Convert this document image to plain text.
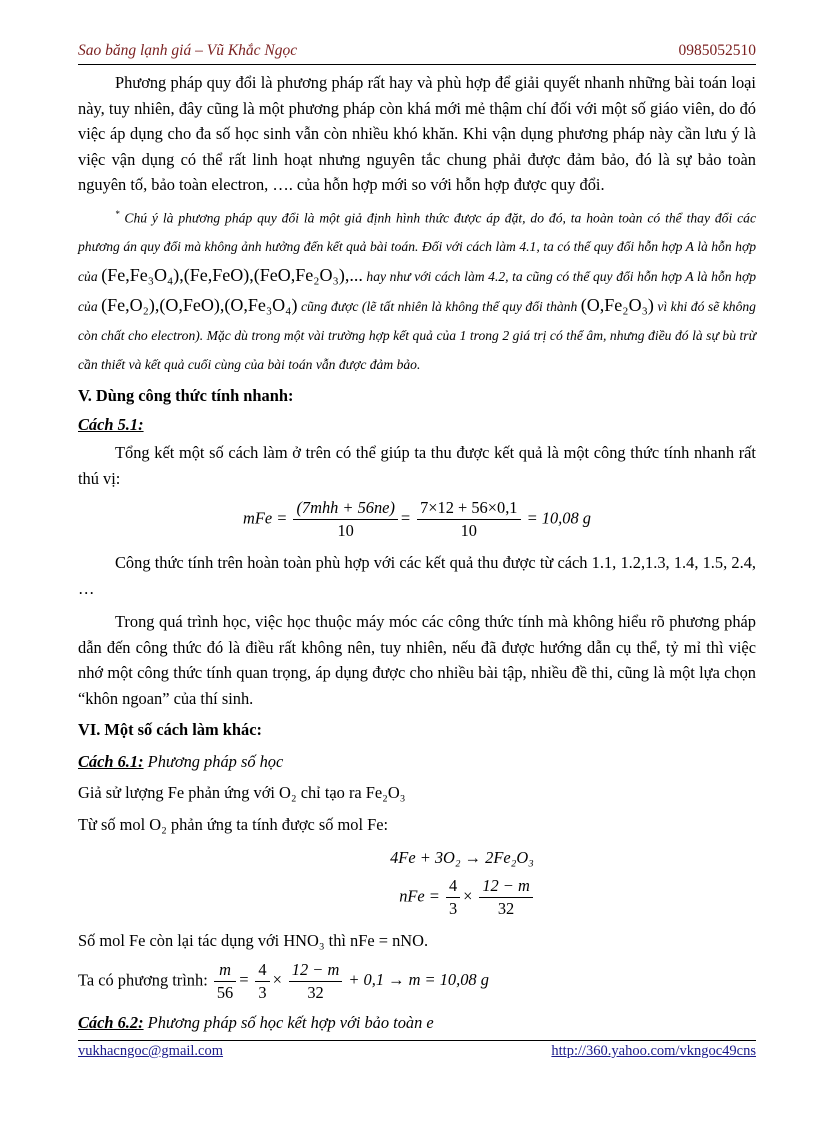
Sao băng lạnh giá – Vũ Khắc Ngọc	0985052510

Phương pháp quy đổi là phương pháp rất hay và phù hợp để giải quyết nhanh những bài toán loại này, tuy nhiên, đây cũng là một phương pháp còn khá mới mẻ thậm chí đối với một số giáo viên, do đó việc áp dụng cho đa số học sinh vẫn còn nhiều khó khăn. Khi vận dụng phương pháp này cần lưu ý là việc vận dụng có thể rất linh hoạt nhưng nguyên tắc chung phải được đảm bảo, đó là sự bảo toàn nguyên tố, bảo toàn electron, …. của hỗn hợp mới so với hỗn hợp được quy đổi.

* Chú ý là phương pháp quy đổi là một giả định hình thức được áp đặt, do đó, ta hoàn toàn có thể thay đổi các phương án quy đổi mà không ảnh hưởng đến kết quả bài toán. Đối với cách làm 4.1, ta có thể quy đổi hỗn hợp A là hỗn hợp của (Fe,Fe₃O₄),(Fe,FeO),(FeO,Fe₂O₃),... hay như với cách làm 4.2, ta cũng có thể quy đổi hỗn hợp A là hỗn hợp của (Fe,O₂),(O,FeO),(O,Fe₃O₄) cũng được (lẽ tất nhiên là không thể quy đổi thành (O,Fe₂O₃) vì khi đó sẽ không còn chất cho electron). Mặc dù trong một vài trường hợp kết quả của 1 trong 2 giá trị có thể âm, nhưng điều đó là sự bù trừ cần thiết và kết quả cuối cùng của bài toán vẫn được đảm bảo.

V. Dùng công thức tính nhanh:

Cách 5.1:

Tổng kết một số cách làm ở trên có thể giúp ta thu được kết quả là một công thức tính nhanh rất thú vị:

mFe = $\frac{\text{(7mhh + 56ne)}}{10} = \frac{7\times 12 + 56\times 0,1}{10} = 10,08$ g

Công thức tính trên hoàn toàn phù hợp với các kết quả thu được từ cách 1.1, 1.2,1.3, 1.4, 1.5, 2.4, …

Trong quá trình học, việc học thuộc máy móc các công thức tính mà không hiểu rõ phương pháp dẫn đến công thức đó là điều rất không nên, tuy nhiên, nếu đã được hướng dẫn cụ thể, tỷ mỉ thì việc nhớ một công thức tính quan trọng, áp dụng được cho nhiều bài tập, nhiều đề thi, cũng là một lựa chọn “khôn ngoan” của thí sinh.

VI. Một số cách làm khác:

Cách 6.1: Phương pháp số học

Giả sử lượng Fe phản ứng với O₂ chỉ tạo ra Fe₂O₃

Từ số mol O₂ phản ứng ta tính được số mol Fe:

4Fe + 3O₂ → 2Fe₂O₃
nFe = $\frac{4}{3} \times \frac{12 - m}{32}$

Số mol Fe còn lại tác dụng với HNO₃ thì nFe = nNO.

Ta có phương trình: $\frac{m}{56} = \frac{4}{3} \times \frac{12 - m}{32} + 0,1 \to m = 10,08$ g

Cách 6.2: Phương pháp số học kết hợp với bảo toàn e

vukhacngoc@gmail.com	http://360.yahoo.com/vkngoc49cns
